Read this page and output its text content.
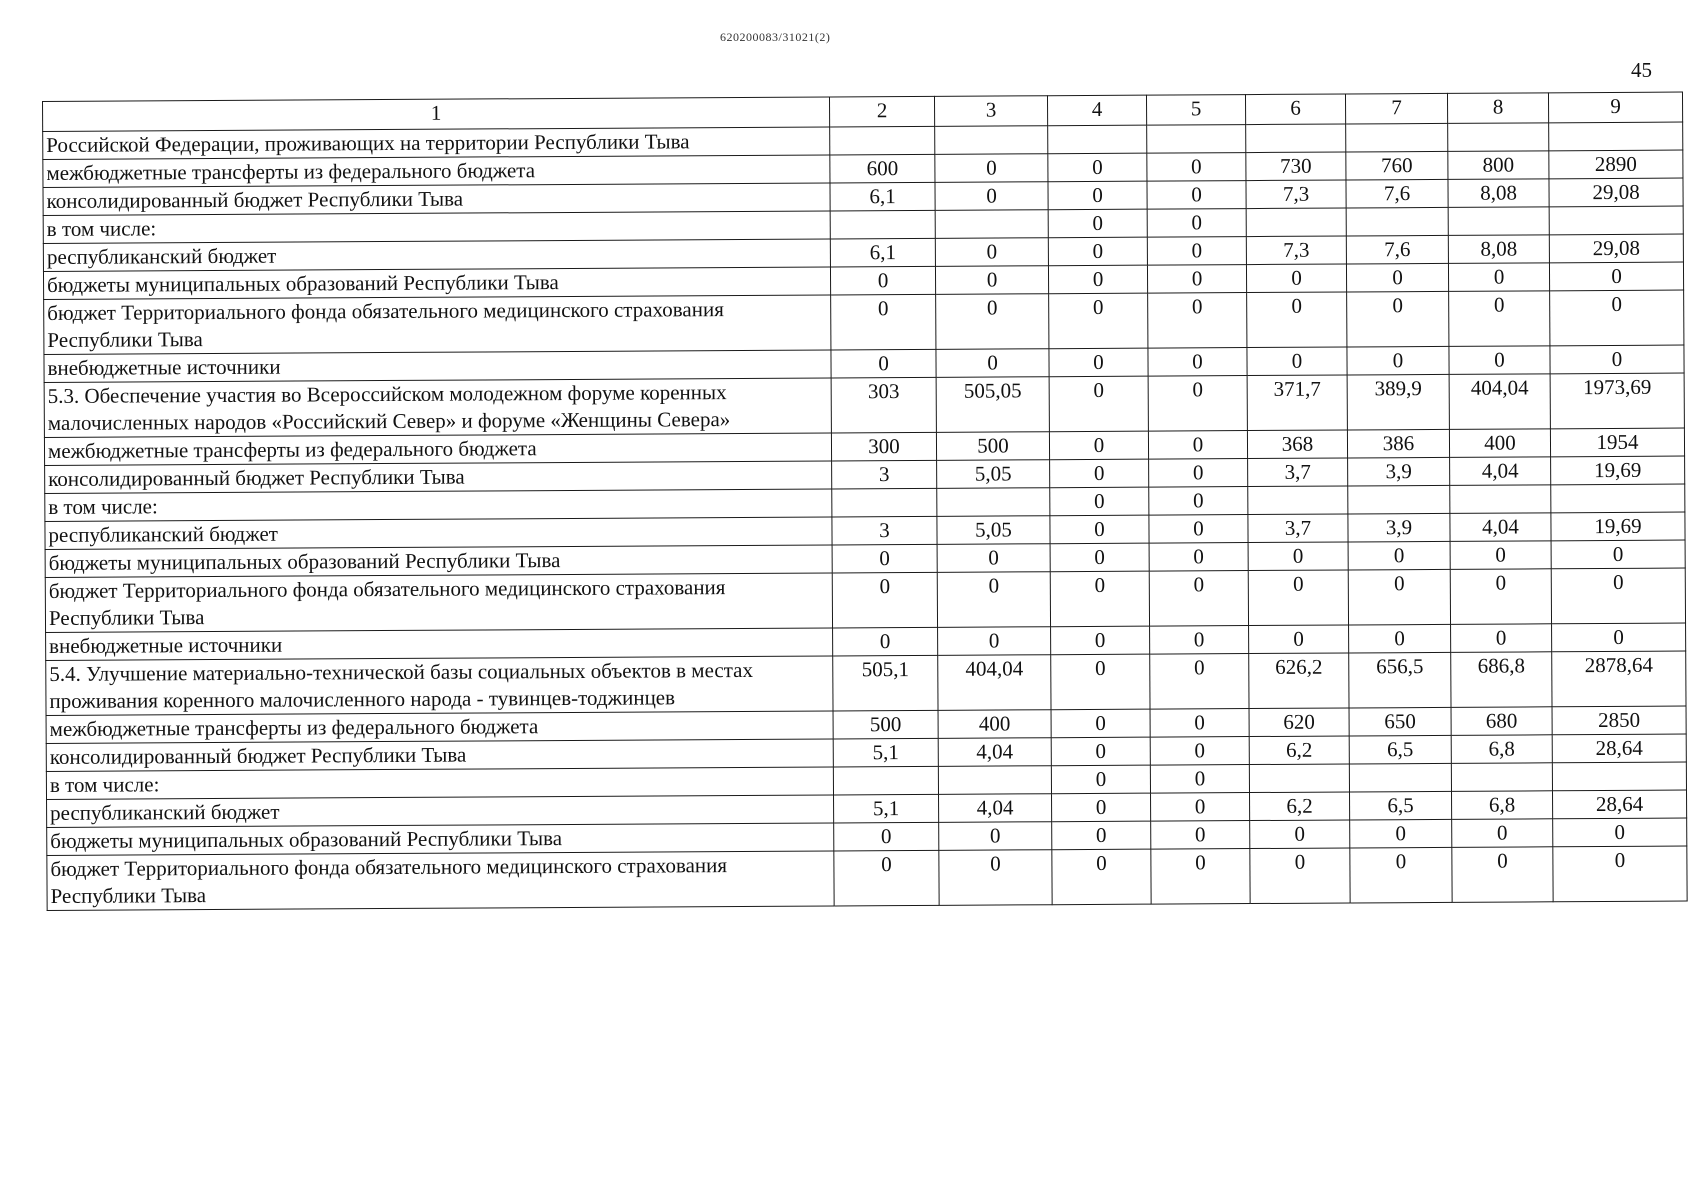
620200083/31021(2)
45
1	2	3	4	5	6	7	8	9
Российской Федерации, проживающих на территории Республики Тыва								
межбюджетные трансферты из федерального бюджета	600	0	0	0	730	760	800	2890
консолидированный бюджет Республики Тыва	6,1	0	0	0	7,3	7,6	8,08	29,08
в том числе:			0	0				
республиканский бюджет	6,1	0	0	0	7,3	7,6	8,08	29,08
бюджеты муниципальных образований Республики Тыва	0	0	0	0	0	0	0	0
бюджет Территориального фонда обязательного медицинского страхования Республики Тыва	0	0	0	0	0	0	0	0
внебюджетные источники	0	0	0	0	0	0	0	0
5.3. Обеспечение участия во Всероссийском молодежном форуме коренных малочисленных народов «Российский Север» и форуме «Женщины Севера»	303	505,05	0	0	371,7	389,9	404,04	1973,69
межбюджетные трансферты из федерального бюджета	300	500	0	0	368	386	400	1954
консолидированный бюджет Республики Тыва	3	5,05	0	0	3,7	3,9	4,04	19,69
в том числе:			0	0				
республиканский бюджет	3	5,05	0	0	3,7	3,9	4,04	19,69
бюджеты муниципальных образований Республики Тыва	0	0	0	0	0	0	0	0
бюджет Территориального фонда обязательного медицинского страхования Республики Тыва	0	0	0	0	0	0	0	0
внебюджетные источники	0	0	0	0	0	0	0	0
5.4. Улучшение материально-технической базы социальных объектов в местах проживания коренного малочисленного народа - тувинцев-тоджинцев	505,1	404,04	0	0	626,2	656,5	686,8	2878,64
межбюджетные трансферты из федерального бюджета	500	400	0	0	620	650	680	2850
консолидированный бюджет Республики Тыва	5,1	4,04	0	0	6,2	6,5	6,8	28,64
в том числе:			0	0				
республиканский бюджет	5,1	4,04	0	0	6,2	6,5	6,8	28,64
бюджеты муниципальных образований Республики Тыва	0	0	0	0	0	0	0	0
бюджет Территориального фонда обязательного медицинского страхования Республики Тыва	0	0	0	0	0	0	0	0
